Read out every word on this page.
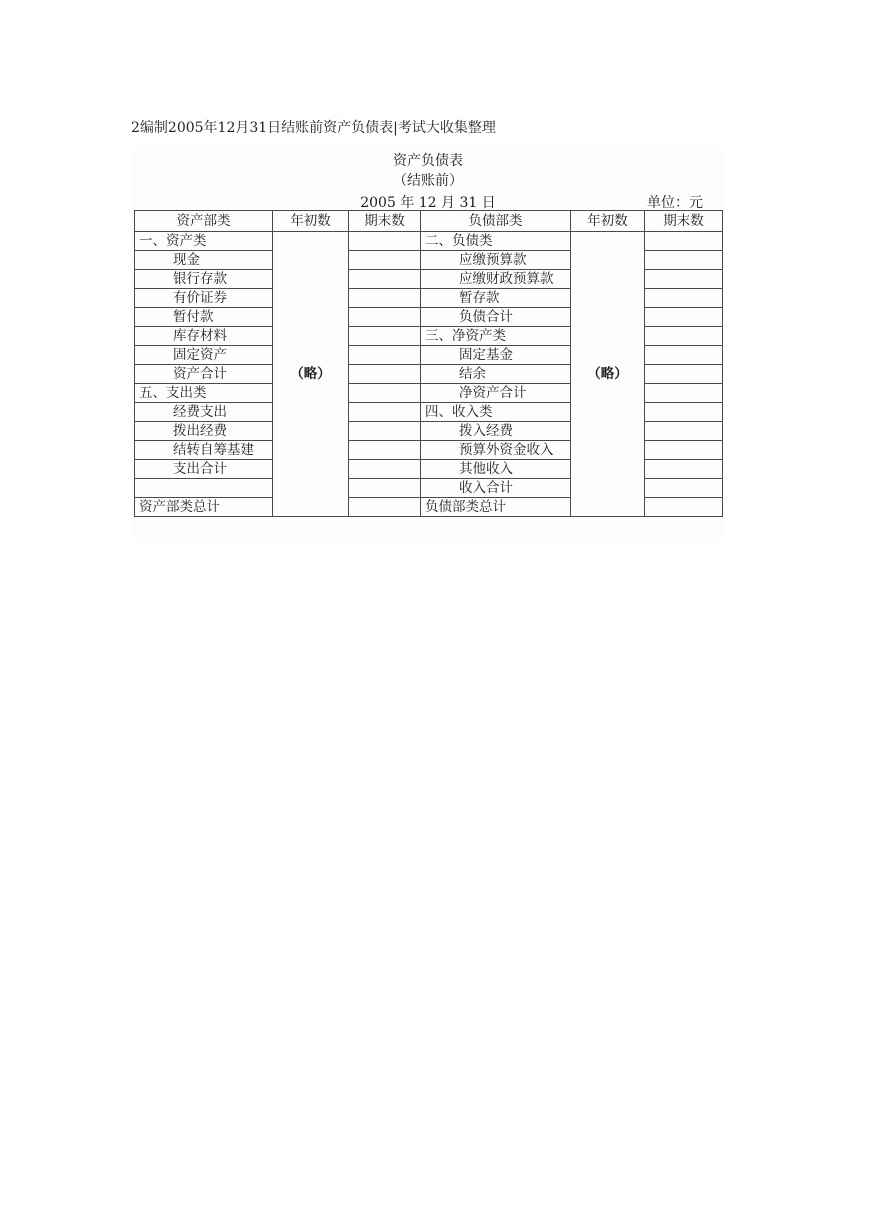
2编制2005年12月31日结账前资产负债表|考试大收集整理
资产负债表
（结账前）
2005 年 12 月 31 日	单位：元
资产部类	年初数	期末数	负债部类	年初数	期末数
一、资产类	（略）		二、负债类	（略）	
现金			应缴预算款		
银行存款			应缴财政预算款		
有价证券			暂存款		
暂付款			负债合计		
库存材料			三、净资产类		
固定资产			固定基金		
资产合计			结余		
五、支出类			净资产合计		
经费支出			四、收入类		
拨出经费			拨入经费		
结转自筹基建			预算外资金收入		
支出合计			其他收入		
			收入合计		
资产部类总计			负债部类总计		
